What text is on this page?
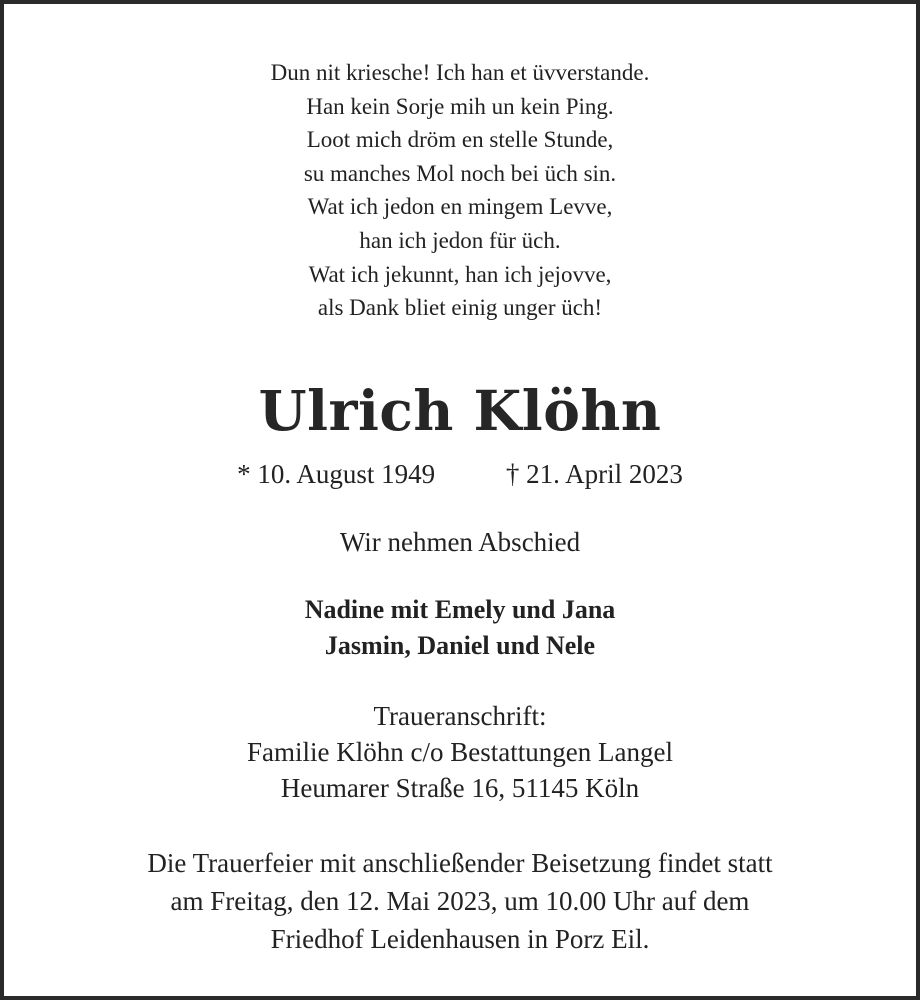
Dun nit kriesche! Ich han et üvverstande.
Han kein Sorje mih un kein Ping.
Loot mich dröm en stelle Stunde,
su manches Mol noch bei üch sin.
Wat ich jedon en mingem Levve,
han ich jedon für üch.
Wat ich jekunnt, han ich jejovve,
als Dank bliet einig unger üch!
Ulrich Klöhn
* 10. August 1949	† 21. April 2023
Wir nehmen Abschied
Nadine mit Emely und Jana
Jasmin, Daniel und Nele
Traueranschrift:
Familie Klöhn c/o Bestattungen Langel
Heumarer Straße 16, 51145 Köln
Die Trauerfeier mit anschließender Beisetzung findet statt
am Freitag, den 12. Mai 2023, um 10.00 Uhr auf dem
Friedhof Leidenhausen in Porz Eil.
